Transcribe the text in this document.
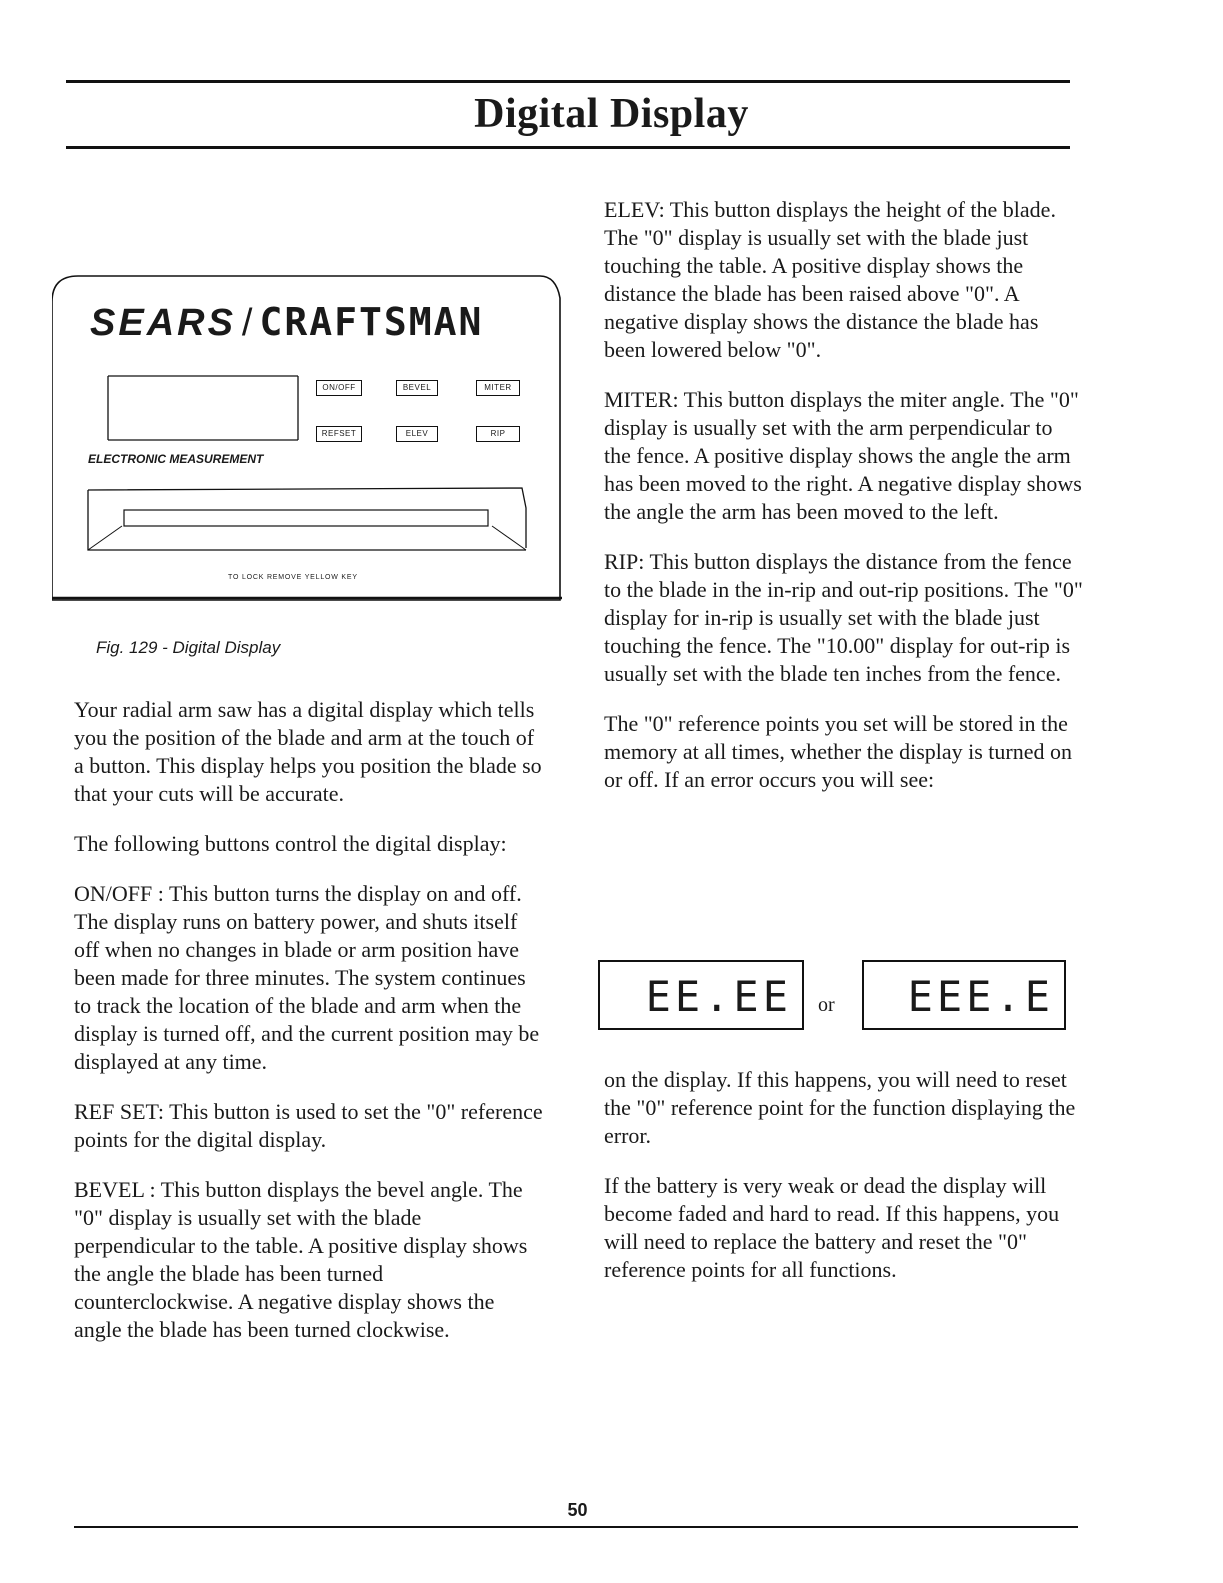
Digital Display
SEARS / CRAFTSMAN
ON/OFF	BEVEL	MITER
REFSET	ELEV	RIP
ELECTRONIC MEASUREMENT
TO LOCK REMOVE YELLOW KEY
Fig. 129 - Digital Display

Your radial arm saw has a digital display which tells you the position of the blade and arm at the touch of a button. This display helps you position the blade so that your cuts will be accurate.

The following buttons control the digital display:

ON/OFF : This button turns the display on and off. The display runs on battery power, and shuts itself off when no changes in blade or arm position have been made for three minutes. The system continues to track the location of the blade and arm when the display is turned off, and the current position may be displayed at any time.

REF SET: This button is used to set the "0" reference points for the digital display.

BEVEL : This button displays the bevel angle. The "0" display is usually set with the blade perpendicular to the table. A positive display shows the angle the blade has been turned counterclockwise. A negative display shows the angle the blade has been turned clockwise.

ELEV: This button displays the height of the blade. The "0" display is usually set with the blade just touching the table. A positive display shows the distance the blade has been raised above "0". A negative display shows the distance the blade has been lowered below "0".

MITER: This button displays the miter angle. The "0" display is usually set with the arm perpendicular to the fence. A positive display shows the angle the arm has been moved to the right. A negative display shows the angle the arm has been moved to the left.

RIP: This button displays the distance from the fence to the blade in the in-rip and out-rip positions. The "0" display for in-rip is usually set with the blade just touching the fence. The "10.00" display for out-rip is usually set with the blade ten inches from the fence.

The "0" reference points you set will be stored in the memory at all times, whether the display is turned on or off. If an error occurs you will see:

EE.EE	or	EEE.E

on the display. If this happens, you will need to reset the "0" reference point for the function displaying the error.

If the battery is very weak or dead the display will become faded and hard to read. If this happens, you will need to replace the battery and reset the "0" reference points for all functions.

50
